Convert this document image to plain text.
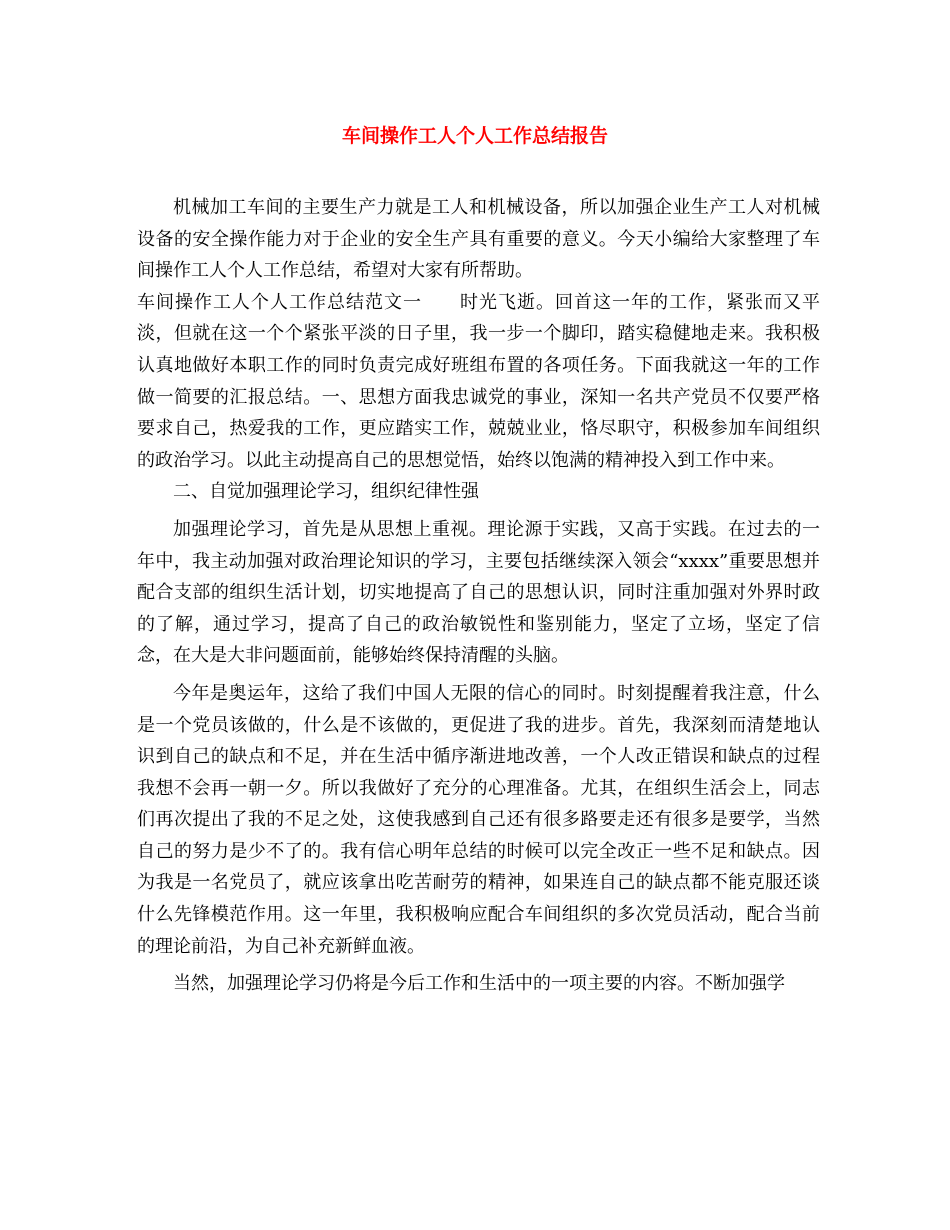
车间操作工人个人工作总结报告

机械加工车间的主要生产力就是工人和机械设备，所以加强企业生产工人对机械设备的安全操作能力对于企业的安全生产具有重要的意义。今天小编给大家整理了车间操作工人个人工作总结，希望对大家有所帮助。

车间操作工人个人工作总结范文一　　时光飞逝。回首这一年的工作，紧张而又平淡，但就在这一个个紧张平淡的日子里，我一步一个脚印，踏实稳健地走来。我积极认真地做好本职工作的同时负责完成好班组布置的各项任务。下面我就这一年的工作做一简要的汇报总结。一、思想方面我忠诚党的事业，深知一名共产党员不仅要严格要求自己，热爱我的工作，更应踏实工作，兢兢业业，恪尽职守，积极参加车间组织的政治学习。以此主动提高自己的思想觉悟，始终以饱满的精神投入到工作中来。

二、自觉加强理论学习，组织纪律性强

加强理论学习，首先是从思想上重视。理论源于实践，又高于实践。在过去的一年中，我主动加强对政治理论知识的学习，主要包括继续深入领会“xxxx”重要思想并配合支部的组织生活计划，切实地提高了自己的思想认识，同时注重加强对外界时政的了解，通过学习，提高了自己的政治敏锐性和鉴别能力，坚定了立场，坚定了信念，在大是大非问题面前，能够始终保持清醒的头脑。

今年是奥运年，这给了我们中国人无限的信心的同时。时刻提醒着我注意，什么是一个党员该做的，什么是不该做的，更促进了我的进步。首先，我深刻而清楚地认识到自己的缺点和不足，并在生活中循序渐进地改善，一个人改正错误和缺点的过程我想不会再一朝一夕。所以我做好了充分的心理准备。尤其，在组织生活会上，同志们再次提出了我的不足之处，这使我感到自己还有很多路要走还有很多是要学，当然自己的努力是少不了的。我有信心明年总结的时候可以完全改正一些不足和缺点。因为我是一名党员了，就应该拿出吃苦耐劳的精神，如果连自己的缺点都不能克服还谈什么先锋模范作用。这一年里，我积极响应配合车间组织的多次党员活动，配合当前的理论前沿，为自己补充新鲜血液。

当然，加强理论学习仍将是今后工作和生活中的一项主要的内容。不断加强学
